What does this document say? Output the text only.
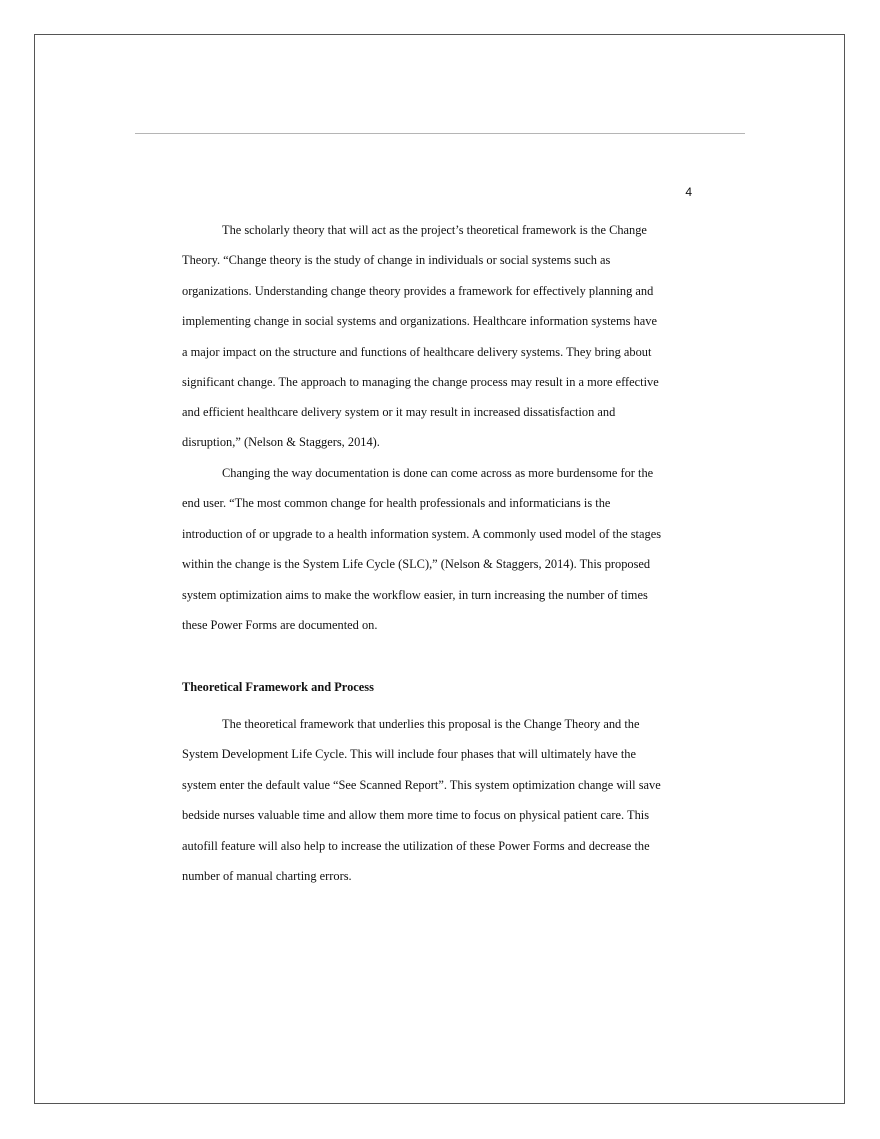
4
The scholarly theory that will act as the project’s theoretical framework is the Change
Theory. “Change theory is the study of change in individuals or social systems such as
organizations. Understanding change theory provides a framework for effectively planning and
implementing change in social systems and organizations. Healthcare information systems have
a major impact on the structure and functions of healthcare delivery systems. They bring about
significant change. The approach to managing the change process may result in a more effective
and efficient healthcare delivery system or it may result in increased dissatisfaction and
disruption,” (Nelson & Staggers, 2014).
Changing the way documentation is done can come across as more burdensome for the
end user. “The most common change for health professionals and informaticians is the
introduction of or upgrade to a health information system. A commonly used model of the stages
within the change is the System Life Cycle (SLC),” (Nelson & Staggers, 2014). This proposed
system optimization aims to make the workflow easier, in turn increasing the number of times
these Power Forms are documented on.
Theoretical Framework and Process
The theoretical framework that underlies this proposal is the Change Theory and the
System Development Life Cycle. This will include four phases that will ultimately have the
system enter the default value “See Scanned Report”. This system optimization change will save
bedside nurses valuable time and allow them more time to focus on physical patient care. This
autofill feature will also help to increase the utilization of these Power Forms and decrease the
number of manual charting errors.
